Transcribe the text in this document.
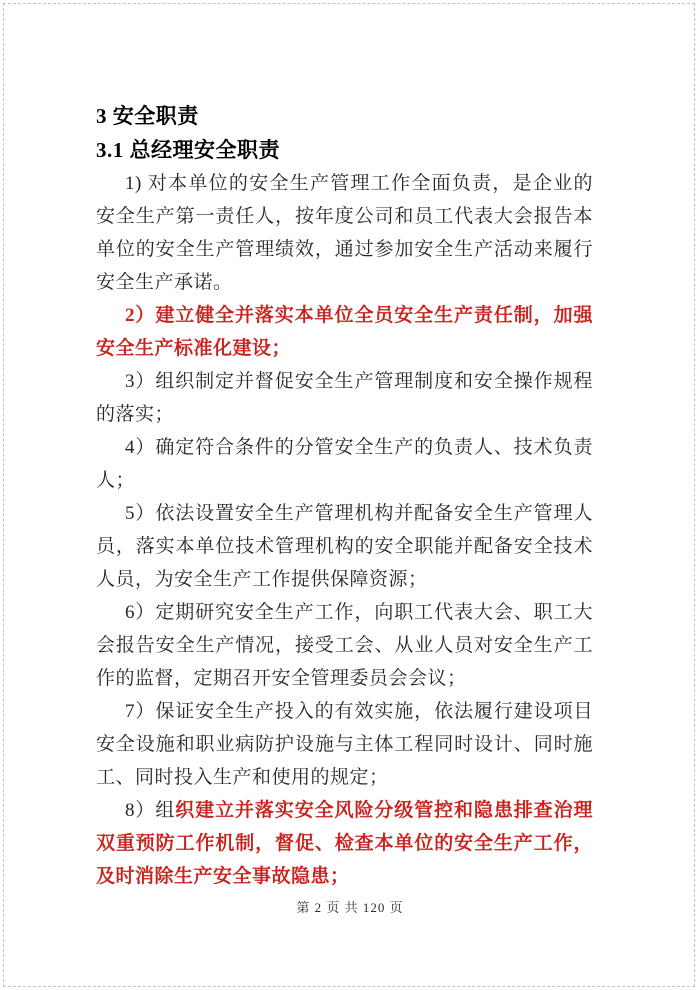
3 安全职责

3.1 总经理安全职责

1) 对本单位的安全生产管理工作全面负责，是企业的安全生产第一责任人，按年度公司和员工代表大会报告本单位的安全生产管理绩效，通过参加安全生产活动来履行安全生产承诺。

2）建立健全并落实本单位全员安全生产责任制，加强安全生产标准化建设；

3）组织制定并督促安全生产管理制度和安全操作规程的落实；

4）确定符合条件的分管安全生产的负责人、技术负责人；

5）依法设置安全生产管理机构并配备安全生产管理人员，落实本单位技术管理机构的安全职能并配备安全技术人员，为安全生产工作提供保障资源；

6）定期研究安全生产工作，向职工代表大会、职工大会报告安全生产情况，接受工会、从业人员对安全生产工作的监督，定期召开安全管理委员会会议；

7）保证安全生产投入的有效实施，依法履行建设项目安全设施和职业病防护设施与主体工程同时设计、同时施工、同时投入生产和使用的规定；

8）组织建立并落实安全风险分级管控和隐患排查治理双重预防工作机制，督促、检查本单位的安全生产工作，及时消除生产安全事故隐患；

第 2 页 共 120 页
